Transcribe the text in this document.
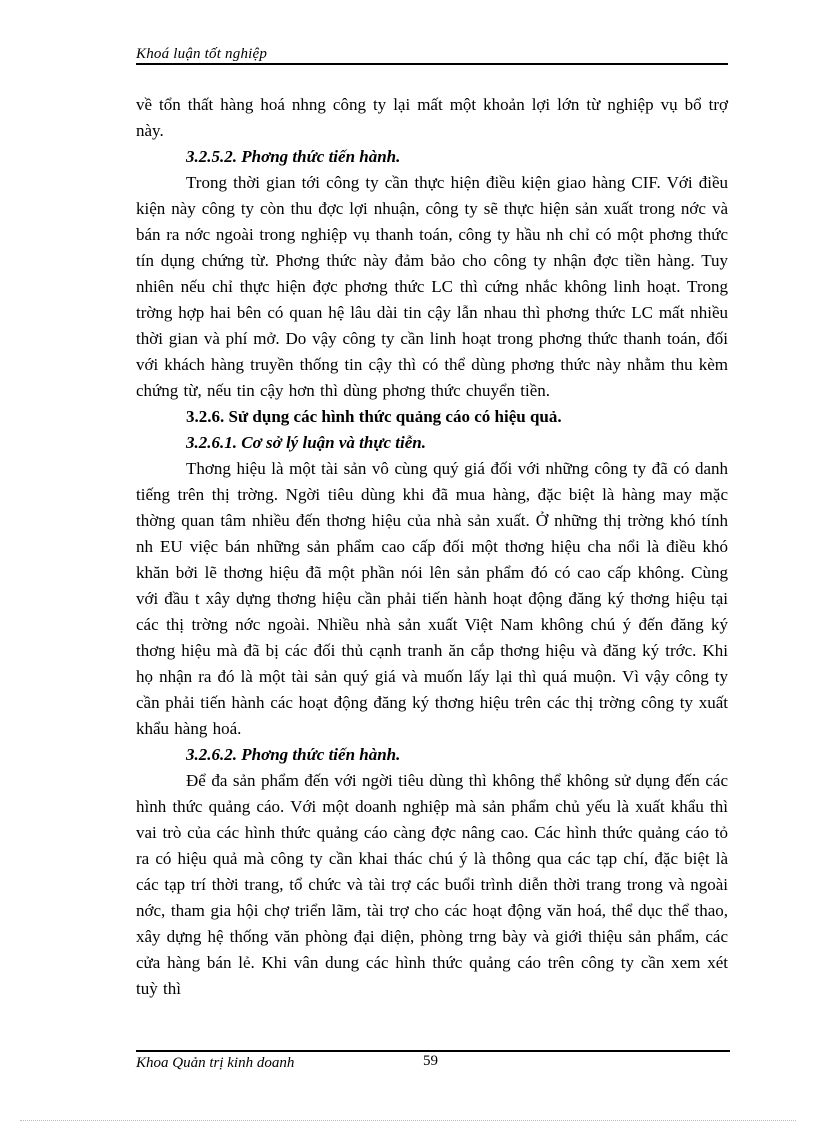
Khoá luận tốt nghiệp

về tổn thất hàng hoá nhng công ty lại mất một khoản lợi lớn từ nghiệp vụ bổ trợ này.

3.2.5.2. Phơng thức tiến hành.

Trong thời gian tới công ty cần thực hiện điều kiện giao hàng CIF. Với điều kiện này công ty còn thu đợc lợi nhuận, công ty sẽ thực hiện sản xuất trong nớc và bán ra nớc ngoài trong nghiệp vụ thanh toán, công ty hầu nh chỉ có một phơng thức tín dụng chứng từ. Phơng thức này đảm bảo cho công ty nhận đợc tiền hàng. Tuy nhiên nếu chỉ thực hiện đợc phơng thức LC thì cứng nhắc không linh hoạt. Trong trờng hợp hai bên có quan hệ lâu dài tin cậy lẫn nhau thì phơng thức LC mất nhiều thời gian và phí mở. Do vậy công ty cần linh hoạt trong phơng thức thanh toán, đối với khách hàng truyền thống tin cậy thì có thể dùng phơng thức này nhằm thu kèm chứng từ, nếu tin cậy hơn thì dùng phơng thức chuyển tiền.

3.2.6. Sử dụng các hình thức quảng cáo có hiệu quả.

3.2.6.1. Cơ sở lý luận và thực tiễn.

Thơng hiệu là một tài sản vô cùng quý giá đối với những công ty đã có danh tiếng trên thị trờng. Ngời tiêu dùng khi đã mua hàng, đặc biệt là hàng may mặc thờng quan tâm nhiều đến thơng hiệu của nhà sản xuất. Ở những thị trờng khó tính nh EU việc bán những sản phẩm cao cấp đối một thơng hiệu cha nổi là điều khó khăn bởi lẽ thơng hiệu đã một phần nói lên sản phẩm đó có cao cấp không. Cùng với đầu t xây dựng thơng hiệu cần phải tiến hành hoạt động đăng ký thơng hiệu tại các thị trờng nớc ngoài. Nhiều nhà sản xuất Việt Nam không chú ý đến đăng ký thơng hiệu mà đã bị các đối thủ cạnh tranh ăn cắp thơng hiệu và đăng ký trớc. Khi họ nhận ra đó là một tài sản quý giá và muốn lấy lại thì quá muộn. Vì vậy công ty cần phải tiến hành các hoạt động đăng ký thơng hiệu trên các thị trờng công ty xuất khẩu hàng hoá.

3.2.6.2. Phơng thức tiến hành.

Để đa sản phẩm đến với ngời tiêu dùng thì không thể không sử dụng đến các hình thức quảng cáo. Với một doanh nghiệp mà sản phẩm chủ yếu là xuất khẩu thì vai trò của các hình thức quảng cáo càng đợc nâng cao. Các hình thức quảng cáo tỏ ra có hiệu quả mà công ty cần khai thác chú ý là thông qua các tạp chí, đặc biệt là các tạp trí thời trang, tổ chức và tài trợ các buổi trình diễn thời trang trong và ngoài nớc, tham gia hội chợ triển lãm, tài trợ cho các hoạt động văn hoá, thể dục thể thao, xây dựng hệ thống văn phòng đại diện, phòng trng bày và giới thiệu sản phẩm, các cửa hàng bán lẻ. Khi vân dung các hình thức quảng cáo trên công ty cần xem xét tuỳ thì

Khoa Quản trị kinh doanh	59
